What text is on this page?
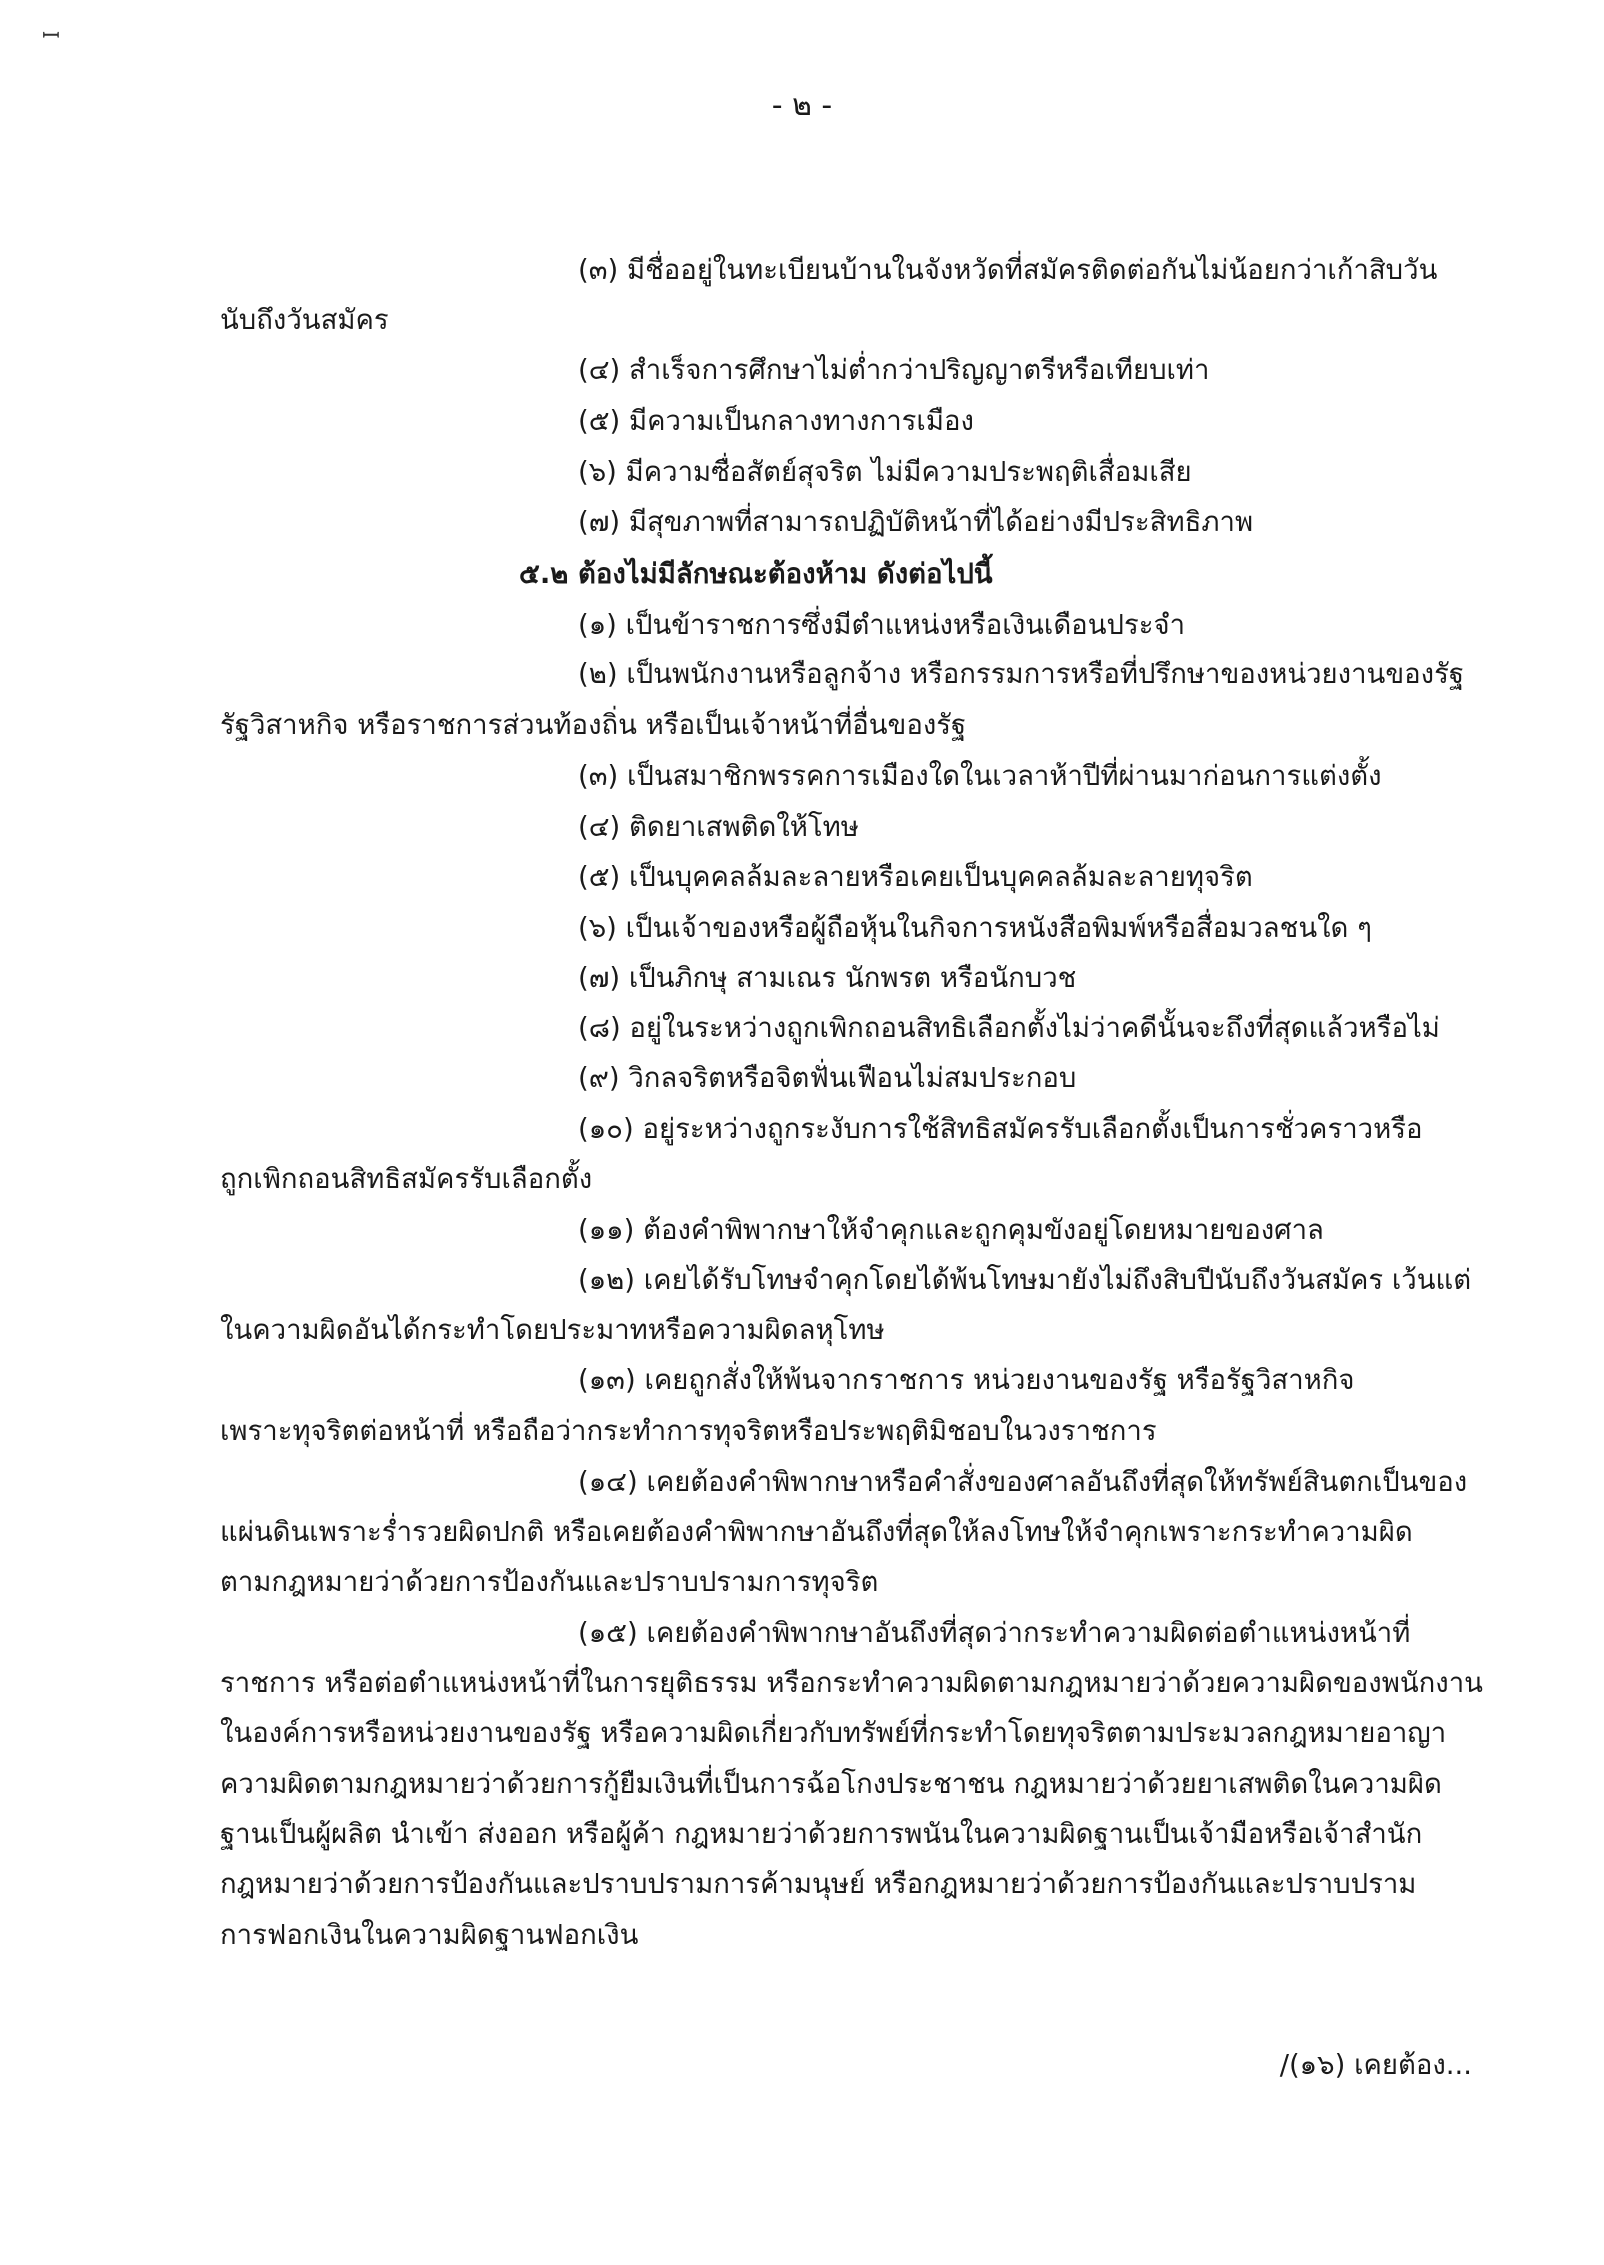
ꟷ
- ๒ -
(๓) มีชื่ออยู่ในทะเบียนบ้านในจังหวัดที่สมัครติดต่อกันไม่น้อยกว่าเก้าสิบวัน
นับถึงวันสมัคร
(๔) สำเร็จการศึกษาไม่ต่ำกว่าปริญญาตรีหรือเทียบเท่า
(๕) มีความเป็นกลางทางการเมือง
(๖) มีความซื่อสัตย์สุจริต ไม่มีความประพฤติเสื่อมเสีย
(๗) มีสุขภาพที่สามารถปฏิบัติหน้าที่ได้อย่างมีประสิทธิภาพ
๕.๒ ต้องไม่มีลักษณะต้องห้าม ดังต่อไปนี้
(๑) เป็นข้าราชการซึ่งมีตำแหน่งหรือเงินเดือนประจำ
(๒) เป็นพนักงานหรือลูกจ้าง หรือกรรมการหรือที่ปรึกษาของหน่วยงานของรัฐ
รัฐวิสาหกิจ หรือราชการส่วนท้องถิ่น หรือเป็นเจ้าหน้าที่อื่นของรัฐ
(๓) เป็นสมาชิกพรรคการเมืองใดในเวลาห้าปีที่ผ่านมาก่อนการแต่งตั้ง
(๔) ติดยาเสพติดให้โทษ
(๕) เป็นบุคคลล้มละลายหรือเคยเป็นบุคคลล้มละลายทุจริต
(๖) เป็นเจ้าของหรือผู้ถือหุ้นในกิจการหนังสือพิมพ์หรือสื่อมวลชนใด ๆ
(๗) เป็นภิกษุ สามเณร นักพรต หรือนักบวช
(๘) อยู่ในระหว่างถูกเพิกถอนสิทธิเลือกตั้งไม่ว่าคดีนั้นจะถึงที่สุดแล้วหรือไม่
(๙) วิกลจริตหรือจิตฟั่นเฟือนไม่สมประกอบ
(๑๐) อยู่ระหว่างถูกระงับการใช้สิทธิสมัครรับเลือกตั้งเป็นการชั่วคราวหรือ
ถูกเพิกถอนสิทธิสมัครรับเลือกตั้ง
(๑๑) ต้องคำพิพากษาให้จำคุกและถูกคุมขังอยู่โดยหมายของศาล
(๑๒) เคยได้รับโทษจำคุกโดยได้พ้นโทษมายังไม่ถึงสิบปีนับถึงวันสมัคร เว้นแต่
ในความผิดอันได้กระทำโดยประมาทหรือความผิดลหุโทษ
(๑๓) เคยถูกสั่งให้พ้นจากราชการ หน่วยงานของรัฐ หรือรัฐวิสาหกิจ
เพราะทุจริตต่อหน้าที่ หรือถือว่ากระทำการทุจริตหรือประพฤติมิชอบในวงราชการ
(๑๔) เคยต้องคำพิพากษาหรือคำสั่งของศาลอันถึงที่สุดให้ทรัพย์สินตกเป็นของ
แผ่นดินเพราะร่ำรวยผิดปกติ หรือเคยต้องคำพิพากษาอันถึงที่สุดให้ลงโทษให้จำคุกเพราะกระทำความผิด
ตามกฎหมายว่าด้วยการป้องกันและปราบปรามการทุจริต
(๑๕) เคยต้องคำพิพากษาอันถึงที่สุดว่ากระทำความผิดต่อตำแหน่งหน้าที่
ราชการ หรือต่อตำแหน่งหน้าที่ในการยุติธรรม หรือกระทำความผิดตามกฎหมายว่าด้วยความผิดของพนักงาน
ในองค์การหรือหน่วยงานของรัฐ หรือความผิดเกี่ยวกับทรัพย์ที่กระทำโดยทุจริตตามประมวลกฎหมายอาญา
ความผิดตามกฎหมายว่าด้วยการกู้ยืมเงินที่เป็นการฉ้อโกงประชาชน กฎหมายว่าด้วยยาเสพติดในความผิด
ฐานเป็นผู้ผลิต นำเข้า ส่งออก หรือผู้ค้า กฎหมายว่าด้วยการพนันในความผิดฐานเป็นเจ้ามือหรือเจ้าสำนัก
กฎหมายว่าด้วยการป้องกันและปราบปรามการค้ามนุษย์ หรือกฎหมายว่าด้วยการป้องกันและปราบปราม
การฟอกเงินในความผิดฐานฟอกเงิน
/(๑๖) เคยต้อง...
